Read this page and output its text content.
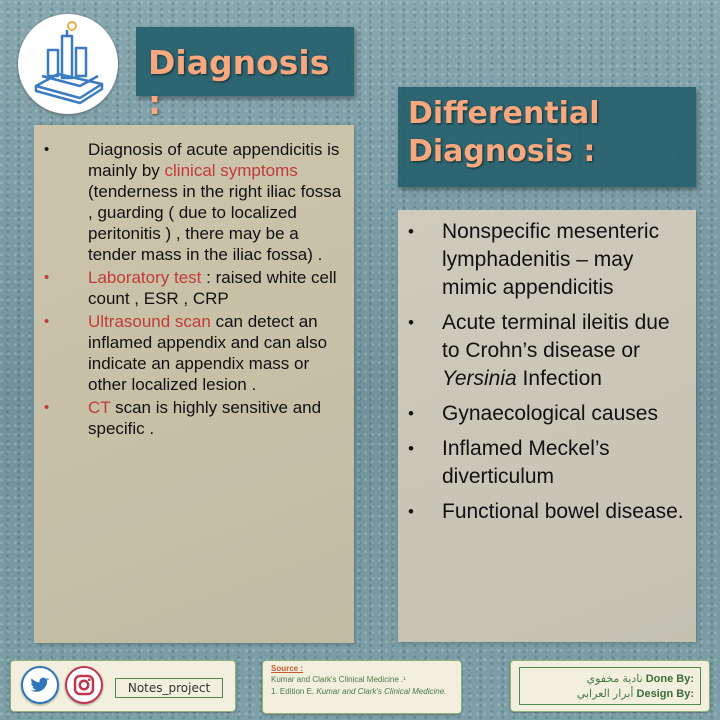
Diagnosis :	Differential
Diagnosis :
• Diagnosis of acute appendicitis is mainly by clinical symptoms (tenderness in the right iliac fossa , guarding ( due to localized peritonitis ) , there may be a tender mass in the iliac fossa) .
• Laboratory test : raised white cell count , ESR , CRP
• Ultrasound scan can detect an inflamed appendix and can also indicate an appendix mass or other localized lesion .
• CT scan is highly sensitive and specific .
• Nonspecific mesenteric lymphadenitis – may mimic appendicitis
• Acute terminal ileitis due to Crohn’s disease or Yersinia Infection
• Gynaecological causes
• Inflamed Meckel’s diverticulum
• Functional bowel disease.
Notes_project
Source :
Kumar and Clark's Clinical Medicine .¹
1. Edition E. Kumar and Clark's Clinical Medicine.
نادية مخفوي Done By:
أبرار العرابي Design By:
